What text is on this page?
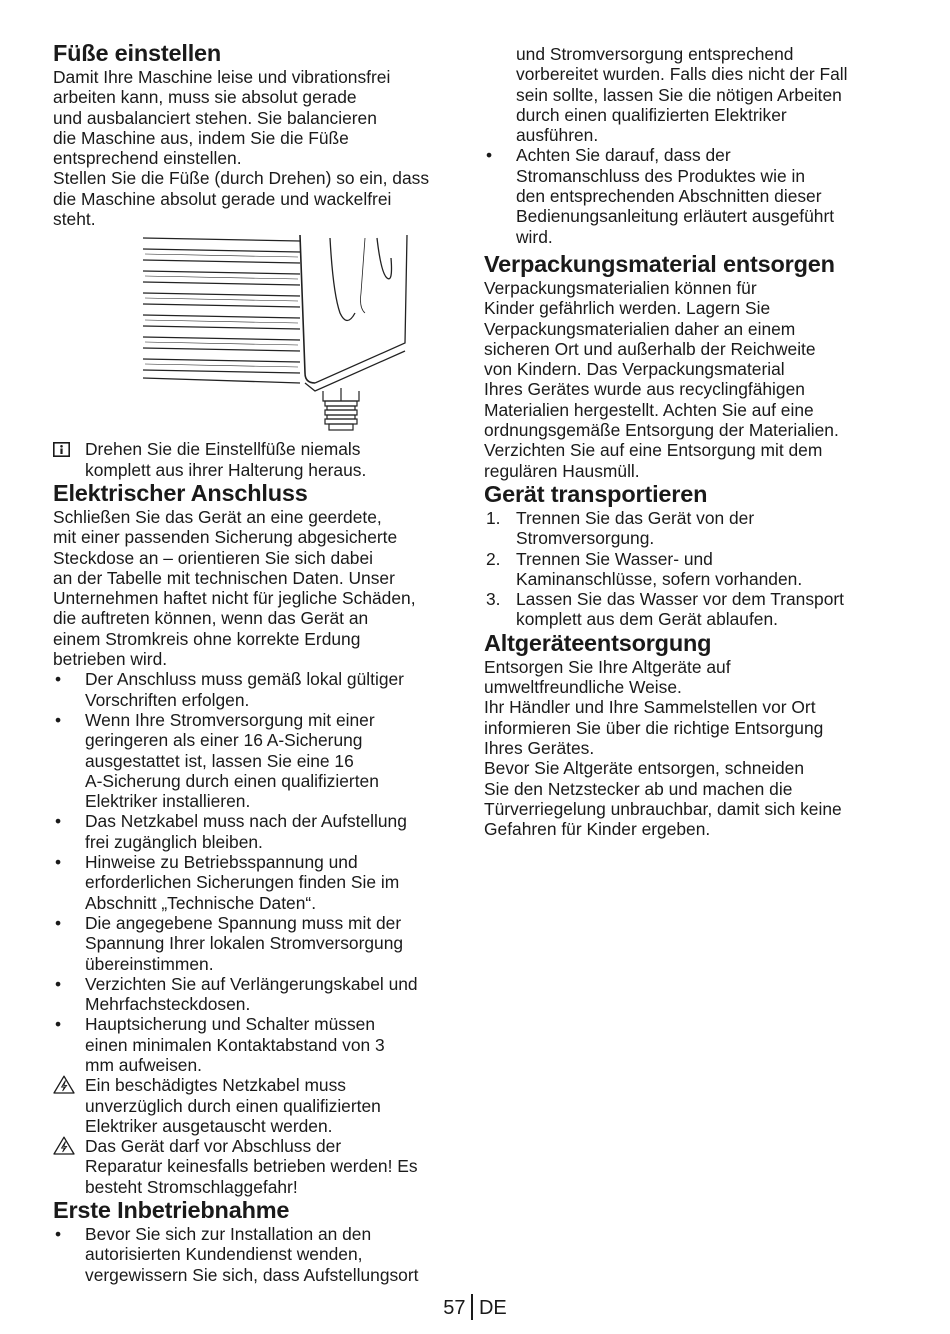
Füße einstellen

Damit Ihre Maschine leise und vibrationsfrei
arbeiten kann, muss sie absolut gerade
und ausbalanciert stehen. Sie balancieren
die Maschine aus, indem Sie die Füße
entsprechend einstellen.

Stellen Sie die Füße (durch Drehen) so ein, dass
die Maschine absolut gerade und wackelfrei
steht.

Drehen Sie die Einstellfüße niemals
komplett aus ihrer Halterung heraus.
Elektrischer Anschluss

Schließen Sie das Gerät an eine geerdete,
mit einer passenden Sicherung abgesicherte
Steckdose an – orientieren Sie sich dabei
an der Tabelle mit technischen Daten. Unser
Unternehmen haftet nicht für jegliche Schäden,
die auftreten können, wenn das Gerät an
einem Stromkreis ohne korrekte Erdung
betrieben wird.

• Der Anschluss muss gemäß lokal gültiger
Vorschriften erfolgen.
• Wenn Ihre Stromversorgung mit einer
geringeren als einer 16 A-Sicherung
ausgestattet ist, lassen Sie eine 16
A-Sicherung durch einen qualifizierten
Elektriker installieren.
• Das Netzkabel muss nach der Aufstellung
frei zugänglich bleiben.
• Hinweise zu Betriebsspannung und
erforderlichen Sicherungen finden Sie im
Abschnitt „Technische Daten“.
• Die angegebene Spannung muss mit der
Spannung Ihrer lokalen Stromversorgung
übereinstimmen.
• Verzichten Sie auf Verlängerungskabel und
Mehrfachsteckdosen.
• Hauptsicherung und Schalter müssen
einen minimalen Kontaktabstand von 3
mm aufweisen.
Ein beschädigtes Netzkabel muss
unverzüglich durch einen qualifizierten
Elektriker ausgetauscht werden.
Das Gerät darf vor Abschluss der
Reparatur keinesfalls betrieben werden! Es
besteht Stromschlaggefahr!
Erste Inbetriebnahme
• Bevor Sie sich zur Installation an den
autorisierten Kundendienst wenden,
vergewissern Sie sich, dass Aufstellungsort
und Stromversorgung entsprechend
vorbereitet wurden. Falls dies nicht der Fall
sein sollte, lassen Sie die nötigen Arbeiten
durch einen qualifizierten Elektriker
ausführen.
• Achten Sie darauf, dass der
Stromanschluss des Produktes wie in
den entsprechenden Abschnitten dieser
Bedienungsanleitung erläutert ausgeführt
wird.
Verpackungsmaterial entsorgen

Verpackungsmaterialien können für
Kinder gefährlich werden. Lagern Sie
Verpackungsmaterialien daher an einem
sicheren Ort und außerhalb der Reichweite
von Kindern. Das Verpackungsmaterial
Ihres Gerätes wurde aus recyclingfähigen
Materialien hergestellt. Achten Sie auf eine
ordnungsgemäße Entsorgung der Materialien.
Verzichten Sie auf eine Entsorgung mit dem
regulären Hausmüll.

Gerät transportieren
1. Trennen Sie das Gerät von der
Stromversorgung.
2. Trennen Sie Wasser- und
Kaminanschlüsse, sofern vorhanden.
3. Lassen Sie das Wasser vor dem Transport
komplett aus dem Gerät ablaufen.
Altgeräteentsorgung

Entsorgen Sie Ihre Altgeräte auf
umweltfreundliche Weise.

Ihr Händler und Ihre Sammelstellen vor Ort
informieren Sie über die richtige Entsorgung
Ihres Gerätes.

Bevor Sie Altgeräte entsorgen, schneiden
Sie den Netzstecker ab und machen die
Türverriegelung unbrauchbar, damit sich keine
Gefahren für Kinder ergeben.

57 DE
